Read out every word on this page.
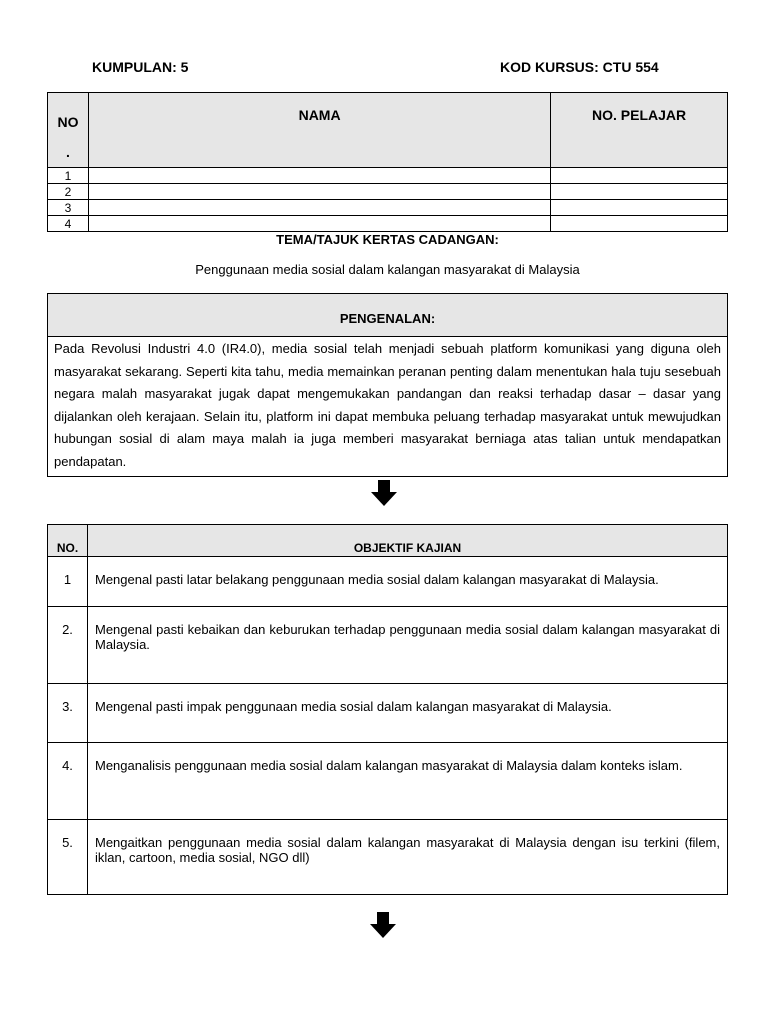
KUMPULAN: 5	KOD KURSUS: CTU 554
NO .	NAMA	NO. PELAJAR
1		
2		
3		
4		
TEMA/TAJUK KERTAS CADANGAN:
Penggunaan media sosial dalam kalangan masyarakat di Malaysia
PENGENALAN:
Pada Revolusi Industri 4.0 (IR4.0), media sosial telah menjadi sebuah platform komunikasi yang diguna oleh masyarakat sekarang. Seperti kita tahu, media memainkan peranan penting dalam menentukan hala tuju sesebuah negara malah masyarakat jugak dapat mengemukakan pandangan dan reaksi terhadap dasar – dasar yang dijalankan oleh kerajaan. Selain itu, platform ini dapat membuka peluang terhadap masyarakat untuk mewujudkan hubungan sosial di alam maya malah ia juga memberi masyarakat berniaga atas talian untuk mendapatkan pendapatan.
NO.	OBJEKTIF KAJIAN
1	Mengenal pasti latar belakang penggunaan media sosial dalam kalangan masyarakat di Malaysia.
2.	Mengenal pasti kebaikan dan keburukan terhadap penggunaan media sosial dalam kalangan masyarakat di Malaysia.
3.	Mengenal pasti impak penggunaan media sosial dalam kalangan masyarakat di Malaysia.
4.	Menganalisis penggunaan media sosial dalam kalangan masyarakat di Malaysia dalam konteks islam.
5.	Mengaitkan penggunaan media sosial dalam kalangan masyarakat di Malaysia dengan isu terkini (filem, iklan, cartoon, media sosial, NGO dll)
